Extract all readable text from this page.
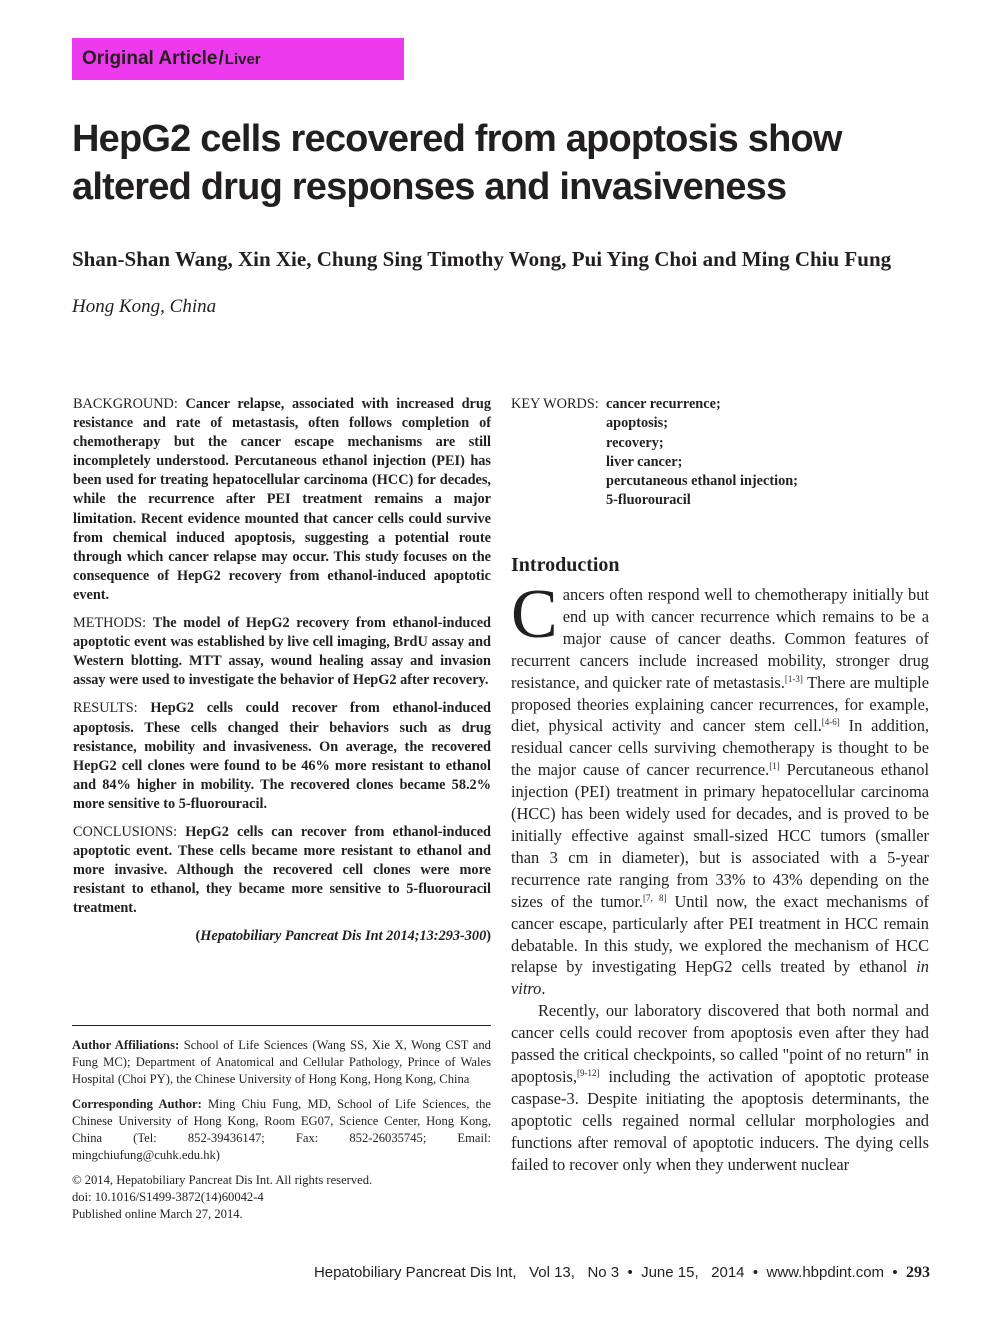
Original Article / Liver
HepG2 cells recovered from apoptosis show altered drug responses and invasiveness
Shan-Shan Wang, Xin Xie, Chung Sing Timothy Wong, Pui Ying Choi and Ming Chiu Fung
Hong Kong, China

BACKGROUND: Cancer relapse, associated with increased drug resistance and rate of metastasis, often follows completion of chemotherapy but the cancer escape mechanisms are still incompletely understood. Percutaneous ethanol injection (PEI) has been used for treating hepatocellular carcinoma (HCC) for decades, while the recurrence after PEI treatment remains a major limitation. Recent evidence mounted that cancer cells could survive from chemical induced apoptosis, suggesting a potential route through which cancer relapse may occur. This study focuses on the consequence of HepG2 recovery from ethanol-induced apoptotic event.

METHODS: The model of HepG2 recovery from ethanol-induced apoptotic event was established by live cell imaging, BrdU assay and Western blotting. MTT assay, wound healing assay and invasion assay were used to investigate the behavior of HepG2 after recovery.

RESULTS: HepG2 cells could recover from ethanol-induced apoptosis. These cells changed their behaviors such as drug resistance, mobility and invasiveness. On average, the recovered HepG2 cell clones were found to be 46% more resistant to ethanol and 84% higher in mobility. The recovered clones became 58.2% more sensitive to 5-fluorouracil.

CONCLUSIONS: HepG2 cells can recover from ethanol-induced apoptotic event. These cells became more resistant to ethanol and more invasive. Although the recovered cell clones were more resistant to ethanol, they became more sensitive to 5-fluorouracil treatment.

(Hepatobiliary Pancreat Dis Int 2014;13:293-300)

Author Affiliations: School of Life Sciences (Wang SS, Xie X, Wong CST and Fung MC); Department of Anatomical and Cellular Pathology, Prince of Wales Hospital (Choi PY), the Chinese University of Hong Kong, Hong Kong, China

Corresponding Author: Ming Chiu Fung, MD, School of Life Sciences, the Chinese University of Hong Kong, Room EG07, Science Center, Hong Kong, China (Tel: 852-39436147; Fax: 852-26035745; Email: mingchiufung@cuhk.edu.hk)

© 2014, Hepatobiliary Pancreat Dis Int. All rights reserved.

doi: 10.1016/S1499-3872(14)60042-4

Published online March 27, 2014.

KEY WORDS: cancer recurrence;
apoptosis;
recovery;
liver cancer;
percutaneous ethanol injection;
5-fluorouracil
Introduction

Cancers often respond well to chemotherapy initially but end up with cancer recurrence which remains to be a major cause of cancer deaths. Common features of recurrent cancers include increased mobility, stronger drug resistance, and quicker rate of metastasis.[1-3] There are multiple proposed theories explaining cancer recurrences, for example, diet, physical activity and cancer stem cell.[4-6] In addition, residual cancer cells surviving chemotherapy is thought to be the major cause of cancer recurrence.[1] Percutaneous ethanol injection (PEI) treatment in primary hepatocellular carcinoma (HCC) has been widely used for decades, and is proved to be initially effective against small-sized HCC tumors (smaller than 3 cm in diameter), but is associated with a 5-year recurrence rate ranging from 33% to 43% depending on the sizes of the tumor.[7, 8] Until now, the exact mechanisms of cancer escape, particularly after PEI treatment in HCC remain debatable. In this study, we explored the mechanism of HCC relapse by investigating HepG2 cells treated by ethanol in vitro.

Recently, our laboratory discovered that both normal and cancer cells could recover from apoptosis even after they had passed the critical checkpoints, so called "point of no return" in apoptosis,[9-12] including the activation of apoptotic protease caspase-3. Despite initiating the apoptosis determinants, the apoptotic cells regained normal cellular morphologies and functions after removal of apoptotic inducers. The dying cells failed to recover only when they underwent nuclear

Hepatobiliary Pancreat Dis Int, Vol 13, No 3 • June 15, 2014 • www.hbpdint.com • 293
